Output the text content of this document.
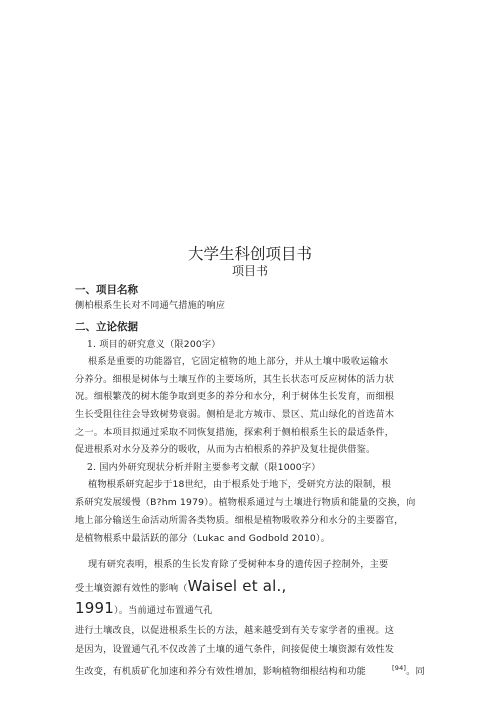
大学生科创项目书
项目书
一、项目名称
侧柏根系生长对不同通气措施的响应
二、立论依据
1. 项目的研究意义（限200字）
根系是重要的功能器官，它固定植物的地上部分，并从土壤中吸收运输水
分养分。细根是树体与土壤互作的主要场所，其生长状态可反应树体的活力状
况。细根繁茂的树木能争取到更多的养分和水分，利于树体生长发育，而细根
生长受阻往往会导致树势衰弱。侧柏是北方城市、景区、荒山绿化的首选苗木
之一。本项目拟通过采取不同恢复措施，探索利于侧柏根系生长的最适条件，
促进根系对水分及养分的吸收，从而为古柏根系的养护及复壮提供借鉴。
2. 国内外研究现状分析并附主要参考文献（限1000字）
植物根系研究起步于18世纪，由于根系处于地下，受研究方法的限制，根
系研究发展缓慢（B?hm 1979）。植物根系通过与土壤进行物质和能量的交换，向
地上部分输送生命活动所需各类物质。细根是植物吸收养分和水分的主要器官，
是植物根系中最活跃的部分（Lukac and Godbold 2010）。
现有研究表明，根系的生长发育除了受树种本身的遗传因子控制外，主要
受土壤资源有效性的影响（Waisel et al.,
1991）。当前通过布置通气孔
进行土壤改良，以促进根系生长的方法，越来越受到有关专家学者的重视。这
是因为，设置通气孔不仅改善了土壤的通气条件，间接促使土壤资源有效性发
生改变，有机质矿化加速和养分有效性增加，影响植物细根结构和功能	[94]。同
